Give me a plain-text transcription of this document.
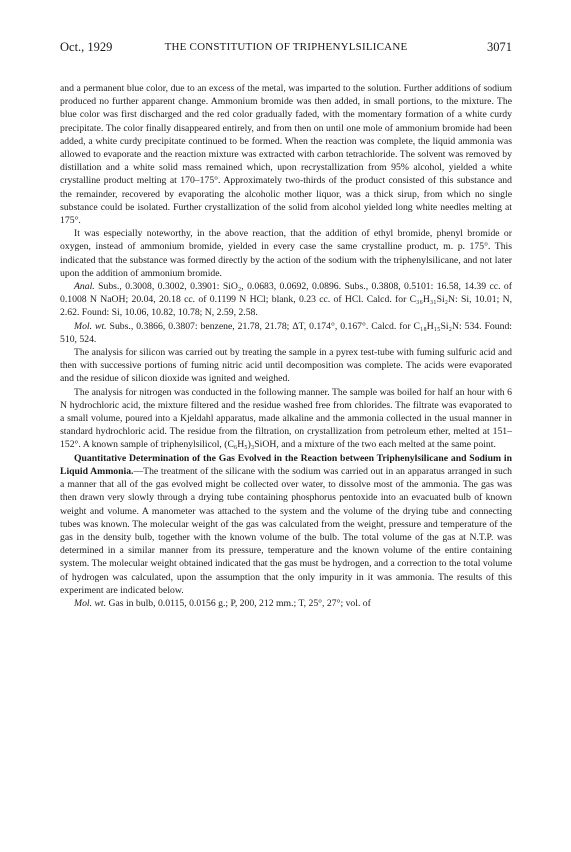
Oct., 1929	THE CONSTITUTION OF TRIPHENYLSILICANE	3071

and a permanent blue color, due to an excess of the metal, was imparted to the solution. Further additions of sodium produced no further apparent change. Ammonium bromide was then added, in small portions, to the mixture. The blue color was first discharged and the red color gradually faded, with the momentary formation of a white curdy precipitate. The color finally disappeared entirely, and from then on until one mole of ammonium bromide had been added, a white curdy precipitate continued to be formed. When the reaction was complete, the liquid ammonia was allowed to evaporate and the reaction mixture was extracted with carbon tetrachloride. The solvent was removed by distillation and a white solid mass remained which, upon recrystallization from 95% alcohol, yielded a white crystalline product melting at 170–175°. Approximately two-thirds of the product consisted of this substance and the remainder, recovered by evaporating the alcoholic mother liquor, was a thick sirup, from which no single substance could be isolated. Further crystallization of the solid from alcohol yielded long white needles melting at 175°.

It was especially noteworthy, in the above reaction, that the addition of ethyl bromide, phenyl bromide or oxygen, instead of ammonium bromide, yielded in every case the same crystalline product, m. p. 175°. This indicated that the substance was formed directly by the action of the sodium with the triphenylsilicane, and not later upon the addition of ammonium bromide.

Anal. Subs., 0.3008, 0.3002, 0.3901: SiO₂, 0.0683, 0.0692, 0.0896. Subs., 0.3808, 0.5101: 16.58, 14.39 cc. of 0.1008 N NaOH; 20.04, 20.18 cc. of 0.1199 N HCl; blank, 0.23 cc. of HCl. Calcd. for C₃₆H₃₁Si₂N: Si, 10.01; N, 2.62. Found: Si, 10.06, 10.82, 10.78; N, 2.59, 2.58.

Mol. wt. Subs., 0.3866, 0.3807: benzene, 21.78, 21.78; ΔT, 0.174°, 0.167°. Calcd. for C₁₈H₁₅Si₂N: 534. Found: 510, 524.

The analysis for silicon was carried out by treating the sample in a pyrex test-tube with fuming sulfuric acid and then with successive portions of fuming nitric acid until decomposition was complete. The acids were evaporated and the residue of silicon dioxide was ignited and weighed.

The analysis for nitrogen was conducted in the following manner. The sample was boiled for half an hour with 6 N hydrochloric acid, the mixture filtered and the residue washed free from chlorides. The filtrate was evaporated to a small volume, poured into a Kjeldahl apparatus, made alkaline and the ammonia collected in the usual manner in standard hydrochloric acid. The residue from the filtration, on crystallization from petroleum ether, melted at 151–152°. A known sample of triphenylsilicol, (C₆H₅)₃SiOH, and a mixture of the two each melted at the same point.

Quantitative Determination of the Gas Evolved in the Reaction between Triphenylsilicane and Sodium in Liquid Ammonia.—The treatment of the silicane with the sodium was carried out in an apparatus arranged in such a manner that all of the gas evolved might be collected over water, to dissolve most of the ammonia. The gas was then drawn very slowly through a drying tube containing phosphorus pentoxide into an evacuated bulb of known weight and volume. A manometer was attached to the system and the volume of the drying tube and connecting tubes was known. The molecular weight of the gas was calculated from the weight, pressure and temperature of the gas in the density bulb, together with the known volume of the bulb. The total volume of the gas at N.T.P. was determined in a similar manner from its pressure, temperature and the known volume of the entire containing system. The molecular weight obtained indicated that the gas must be hydrogen, and a correction to the total volume of hydrogen was calculated, upon the assumption that the only impurity in it was ammonia. The results of this experiment are indicated below.

Mol. wt. Gas in bulb, 0.0115, 0.0156 g.; P, 200, 212 mm.; T, 25°, 27°; vol. of
